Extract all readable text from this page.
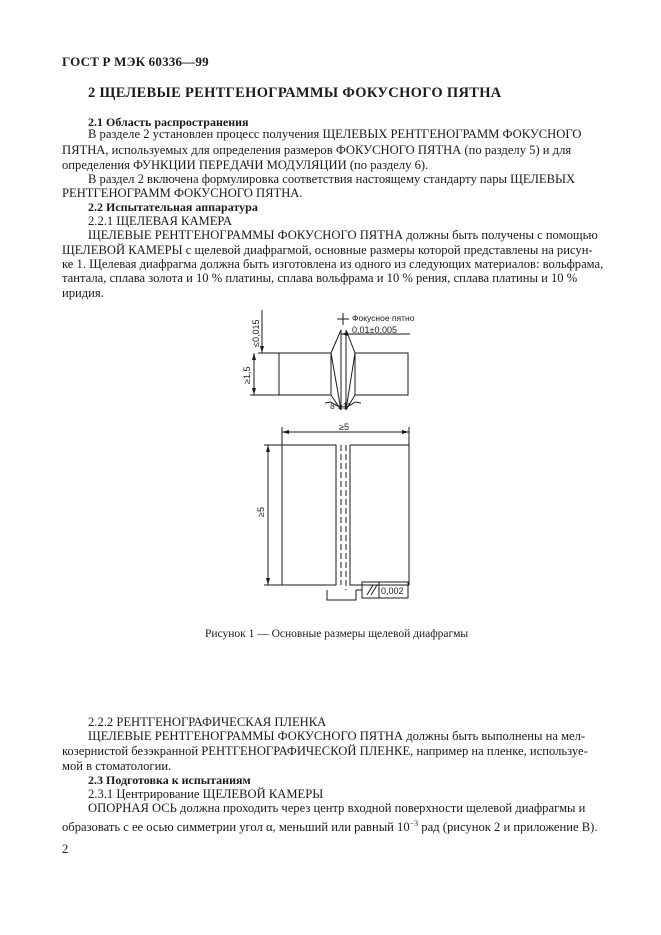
ГОСТ Р МЭК 60336—99
2 ЩЕЛЕВЫЕ РЕНТГЕНОГРАММЫ ФОКУСНОГО ПЯТНА
2.1 Область распространения
В разделе 2 установлен процесс получения ЩЕЛЕВЫХ РЕНТГЕНОГРАММ ФОКУСНОГО
ПЯТНА, используемых для определения размеров ФОКУСНОГО ПЯТНА (по разделу 5) и для
определения ФУНКЦИИ ПЕРЕДАЧИ МОДУЛЯЦИИ (по разделу 6).
В раздел 2 включена формулировка соответствия настоящему стандарту пары ЩЕЛЕВЫХ
РЕНТГЕНОГРАММ ФОКУСНОГО ПЯТНА.
2.2 Испытательная аппаратура
2.2.1 ЩЕЛЕВАЯ КАМЕРА
ЩЕЛЕВЫЕ РЕНТГЕНОГРАММЫ ФОКУСНОГО ПЯТНА должны быть получены с помощью
ЩЕЛЕВОЙ КАМЕРЫ с щелевой диафрагмой, основные размеры которой представлены на рисун-
ке 1. Щелевая диафрагма должна быть изготовлена из одного из следующих материалов: вольфрама,
тантала, сплава золота и 10 % платины, сплава вольфрама и 10 % рения, сплава платины и 10 %
иридия.
Фокусное пятно
0,01±0,005
≤0,015
≥1,5
8°±1°
≥5
≥5
0,002
Рисунок 1 — Основные размеры щелевой диафрагмы
2.2.2 РЕНТГЕНОГРАФИЧЕСКАЯ ПЛЕНКА
ЩЕЛЕВЫЕ РЕНТГЕНОГРАММЫ ФОКУСНОГО ПЯТНА должны быть выполнены на мел-
козернистой безэкранной РЕНТГЕНОГРАФИЧЕСКОЙ ПЛЕНКЕ, например на пленке, используе-
мой в стоматологии.
2.3 Подготовка к испытаниям
2.3.1 Центрирование ЩЕЛЕВОЙ КАМЕРЫ
ОПОРНАЯ ОСЬ должна проходить через центр входной поверхности щелевой диафрагмы и
образовать с ее осью симметрии угол α, меньший или равный $10^{-3}$ рад (рисунок 2 и приложение В).
2
